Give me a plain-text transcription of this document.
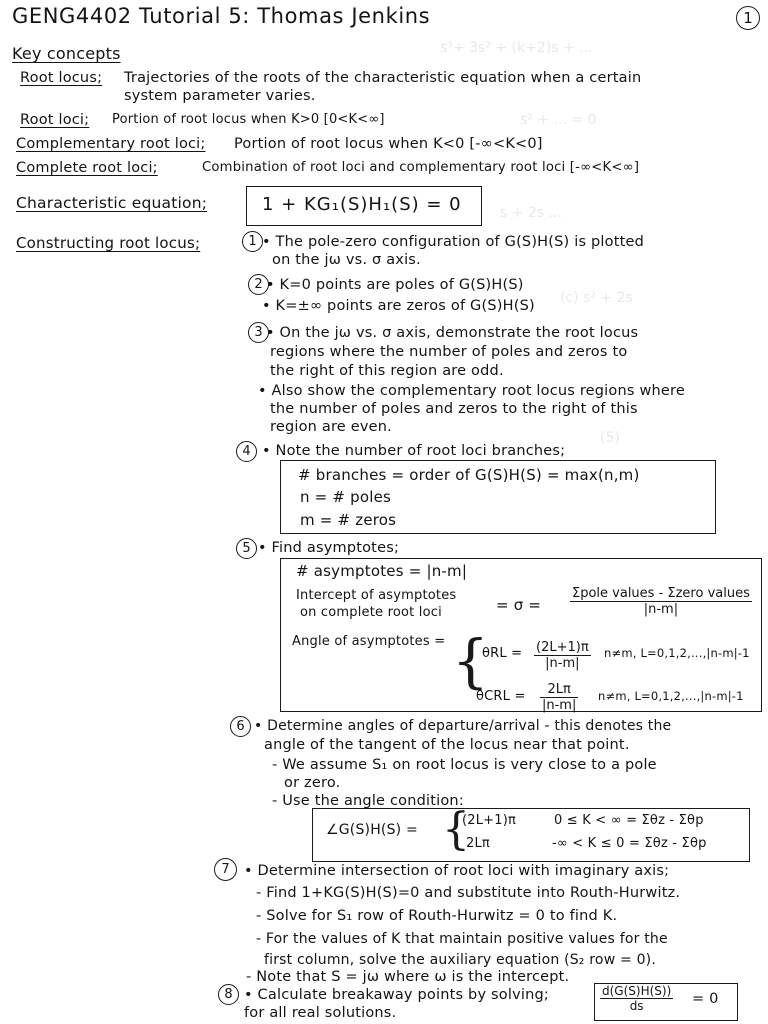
s³+ 3s² + (k+2)s + ...
s² + ... = 0
s + 2s ...
(c) s² + 2s
(5)
GENG4402 Tutorial 5: Thomas Jenkins	1
Key concepts
Root locus; Trajectories of the roots of the characteristic equation when a certain
system parameter varies.
Root loci; Portion of root locus when K>0 [0<K<∞]
Complementary root loci; Portion of root locus when K<0 [-∞<K<0]
Complete root loci;	Combination of root loci and complementary root loci [-∞<K<∞]
Characteristic equation;	1 + KG₁(S)H₁(S) = 0
Constructing root locus;	1 • The pole-zero configuration of G(S)H(S) is plotted
on the jω vs. σ axis.
2 • K=0 points are poles of G(S)H(S)
• K=±∞ points are zeros of G(S)H(S)
3 • On the jω vs. σ axis, demonstrate the root locus
regions where the number of poles and zeros to
the right of this region are odd.
• Also show the complementary root locus regions where
the number of poles and zeros to the right of this
region are even.
4 • Note the number of root loci branches;
# branches = order of G(S)H(S) = max(n,m)
n = # poles
m = # zeros
5 • Find asymptotes;
# asymptotes = |n-m|
Intercept of asymptotes
on complete root loci	= σ =
Σpole values - Σzero values
|n-m|
Angle of asymptotes = {
$\theta RL = \frac{(2L+1)\pi}{|n-m|} n\ne m$, L=0,1,2,...,|n-m|-1
$\theta CRL = \frac{2L\pi}{|n-m|} n\ne m$, L=0,1,2,...,|n-m|-1
6 • Determine angles of departure/arrival - this denotes the
angle of the tangent of the locus near that point.
- We assume S₁ on root locus is very close to a pole
or zero.
- Use the angle condition:
∠G(S)H(S) = {
(2L+1)π	0 ≤ K < ∞ = Σθz - Σθp
2Lπ	-∞ < K ≤ 0 = Σθz - Σθp
7 • Determine intersection of root loci with imaginary axis;
- Find 1+KG(S)H(S)=0 and substitute into Routh-Hurwitz.
- Solve for S₁ row of Routh-Hurwitz = 0 to find K.
- For the values of K that maintain positive values for the
first column, solve the auxiliary equation (S₂ row = 0).
- Note that S = jω where ω is the intercept.
8 • Calculate breakaway points by solving;
for all real solutions.	$\frac{d(G(S)H(S))}{ds} = 0$
